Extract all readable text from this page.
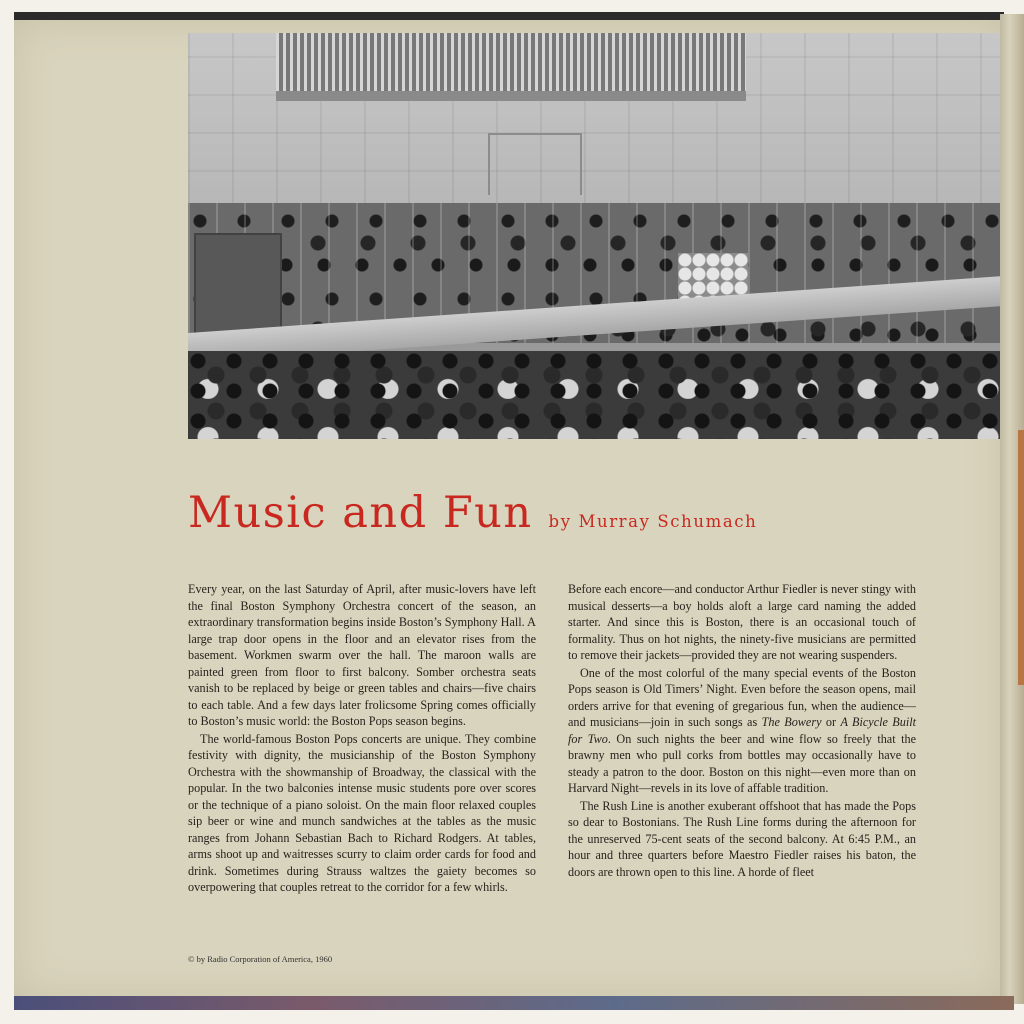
Music and Fun by Murray Schumach

Every year, on the last Saturday of April, after music-lovers have left the final Boston Symphony Orchestra concert of the season, an extraordinary transformation begins inside Boston’s Symphony Hall. A large trap door opens in the floor and an elevator rises from the basement. Workmen swarm over the hall. The maroon walls are painted green from floor to first balcony. Somber orchestra seats vanish to be replaced by beige or green tables and chairs—five chairs to each table. And a few days later frolicsome Spring comes officially to Boston’s music world: the Boston Pops season begins.

The world-famous Boston Pops concerts are unique. They combine festivity with dignity, the musicianship of the Boston Symphony Orchestra with the showmanship of Broadway, the classical with the popular. In the two balconies intense music students pore over scores or the technique of a piano soloist. On the main floor relaxed couples sip beer or wine and munch sandwiches at the tables as the music ranges from Johann Sebastian Bach to Richard Rodgers. At tables, arms shoot up and waitresses scurry to claim order cards for food and drink. Sometimes during Strauss waltzes the gaiety becomes so overpowering that couples retreat to the corridor for a few whirls.

Before each encore—and conductor Arthur Fiedler is never stingy with musical desserts—a boy holds aloft a large card naming the added starter. And since this is Boston, there is an occasional touch of formality. Thus on hot nights, the ninety-five musicians are permitted to remove their jackets—provided they are not wearing suspenders.

One of the most colorful of the many special events of the Boston Pops season is Old Timers’ Night. Even before the season opens, mail orders arrive for that evening of gregarious fun, when the audience—and musicians—join in such songs as The Bowery or A Bicycle Built for Two. On such nights the beer and wine flow so freely that the brawny men who pull corks from bottles may occasionally have to steady a patron to the door. Boston on this night—even more than on Harvard Night—revels in its love of affable tradition.

The Rush Line is another exuberant offshoot that has made the Pops so dear to Bostonians. The Rush Line forms during the afternoon for the unreserved 75-cent seats of the second balcony. At 6:45 P.M., an hour and three quarters before Maestro Fiedler raises his baton, the doors are thrown open to this line. A horde of fleet

© by Radio Corporation of America, 1960
